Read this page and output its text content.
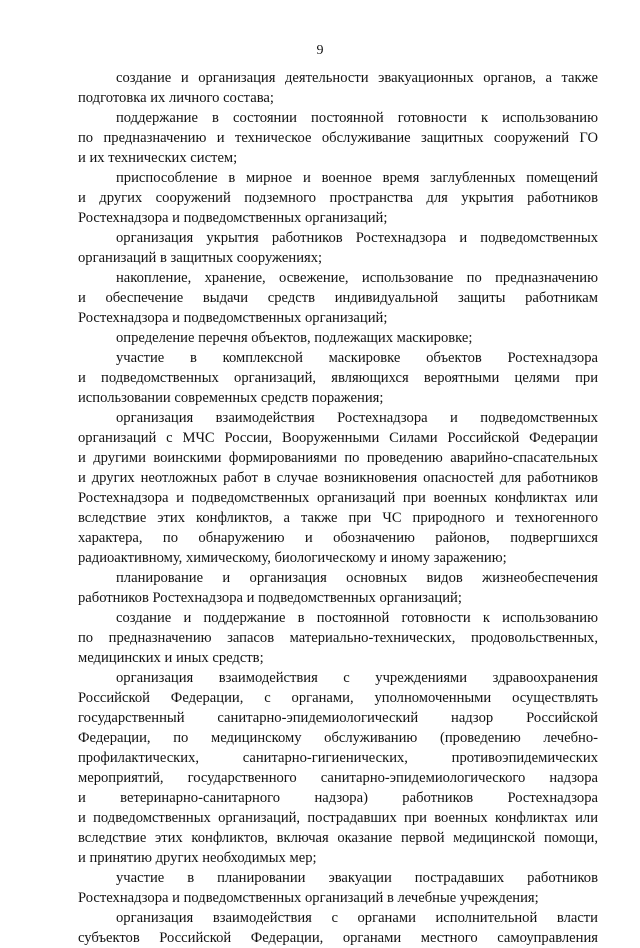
9
создание и организация деятельности эвакуационных органов, а также
подготовка их личного состава;
поддержание в состоянии постоянной готовности к использованию
по предназначению и техническое обслуживание защитных сооружений ГО
и их технических систем;
приспособление в мирное и военное время заглубленных помещений
и других сооружений подземного пространства для укрытия работников
Ростехнадзора и подведомственных организаций;
организация укрытия работников Ростехнадзора и подведомственных
организаций в защитных сооружениях;
накопление, хранение, освежение, использование по предназначению
и обеспечение выдачи средств индивидуальной защиты работникам
Ростехнадзора и подведомственных организаций;
определение перечня объектов, подлежащих маскировке;
участие в комплексной маскировке объектов Ростехнадзора
и подведомственных организаций, являющихся вероятными целями при
использовании современных средств поражения;
организация взаимодействия Ростехнадзора и подведомственных
организаций с МЧС России, Вооруженными Силами Российской Федерации
и другими воинскими формированиями по проведению аварийно-спасательных
и других неотложных работ в случае возникновения опасностей для работников
Ростехнадзора и подведомственных организаций при военных конфликтах или
вследствие этих конфликтов, а также при ЧС природного и техногенного
характера, по обнаружению и обозначению районов, подвергшихся
радиоактивному, химическому, биологическому и иному заражению;
планирование и организация основных видов жизнеобеспечения
работников Ростехнадзора и подведомственных организаций;
создание и поддержание в постоянной готовности к использованию
по предназначению запасов материально-технических, продовольственных,
медицинских и иных средств;
организация взаимодействия с учреждениями здравоохранения
Российской Федерации, с органами, уполномоченными осуществлять
государственный санитарно-эпидемиологический надзор Российской
Федерации, по медицинскому обслуживанию (проведению лечебно-
профилактических, санитарно-гигиенических, противоэпидемических
мероприятий, государственного санитарно-эпидемиологического надзора
и ветеринарно-санитарного надзора) работников Ростехнадзора
и подведомственных организаций, пострадавших при военных конфликтах или
вследствие этих конфликтов, включая оказание первой медицинской помощи,
и принятию других необходимых мер;
участие в планировании эвакуации пострадавших работников
Ростехнадзора и подведомственных организаций в лечебные учреждения;
организация взаимодействия с органами исполнительной власти
субъектов Российской Федерации, органами местного самоуправления
